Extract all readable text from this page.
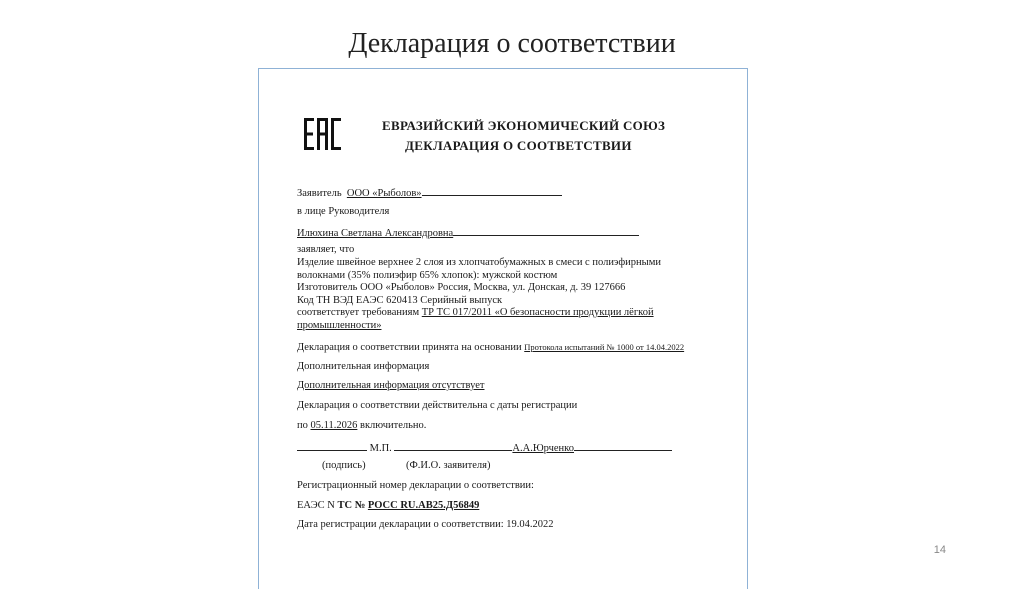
Декларация о соответствии
ЕВРАЗИЙСКИЙ ЭКОНОМИЧЕСКИЙ СОЮЗ
ДЕКЛАРАЦИЯ О СООТВЕТСТВИИ
Заявитель ООО «Рыболов»
в лице Руководителя
Илюхина Светлана Александровна
заявляет, что
Изделие швейное верхнее 2 слоя из хлопчатобумажных в смеси с полиэфирными
волокнами (35% полиэфир 65% хлопок): мужской костюм
Изготовитель ООО «Рыболов» Россия, Москва, ул. Донская, д. 39 127666
Код ТН ВЭД ЕАЭС 620413 Серийный выпуск
соответствует требованиям ТР ТС 017/2011 «О безопасности продукции лёгкой
промышленности»
Декларация о соответствии принята на основании Протокола испытаний № 1000 от 14.04.2022
Дополнительная информация
Дополнительная информация отсутствует
Декларация о соответствии действительна с даты регистрации
по 05.11.2026 включительно.
М.П.	А.А.Юрченко
(подпись)	(Ф.И.О. заявителя)
Регистрационный номер декларации о соответствии:
ЕАЭС N ТС № РОСС RU.АВ25.Д56849
Дата регистрации декларации о соответствии: 19.04.2022
14
